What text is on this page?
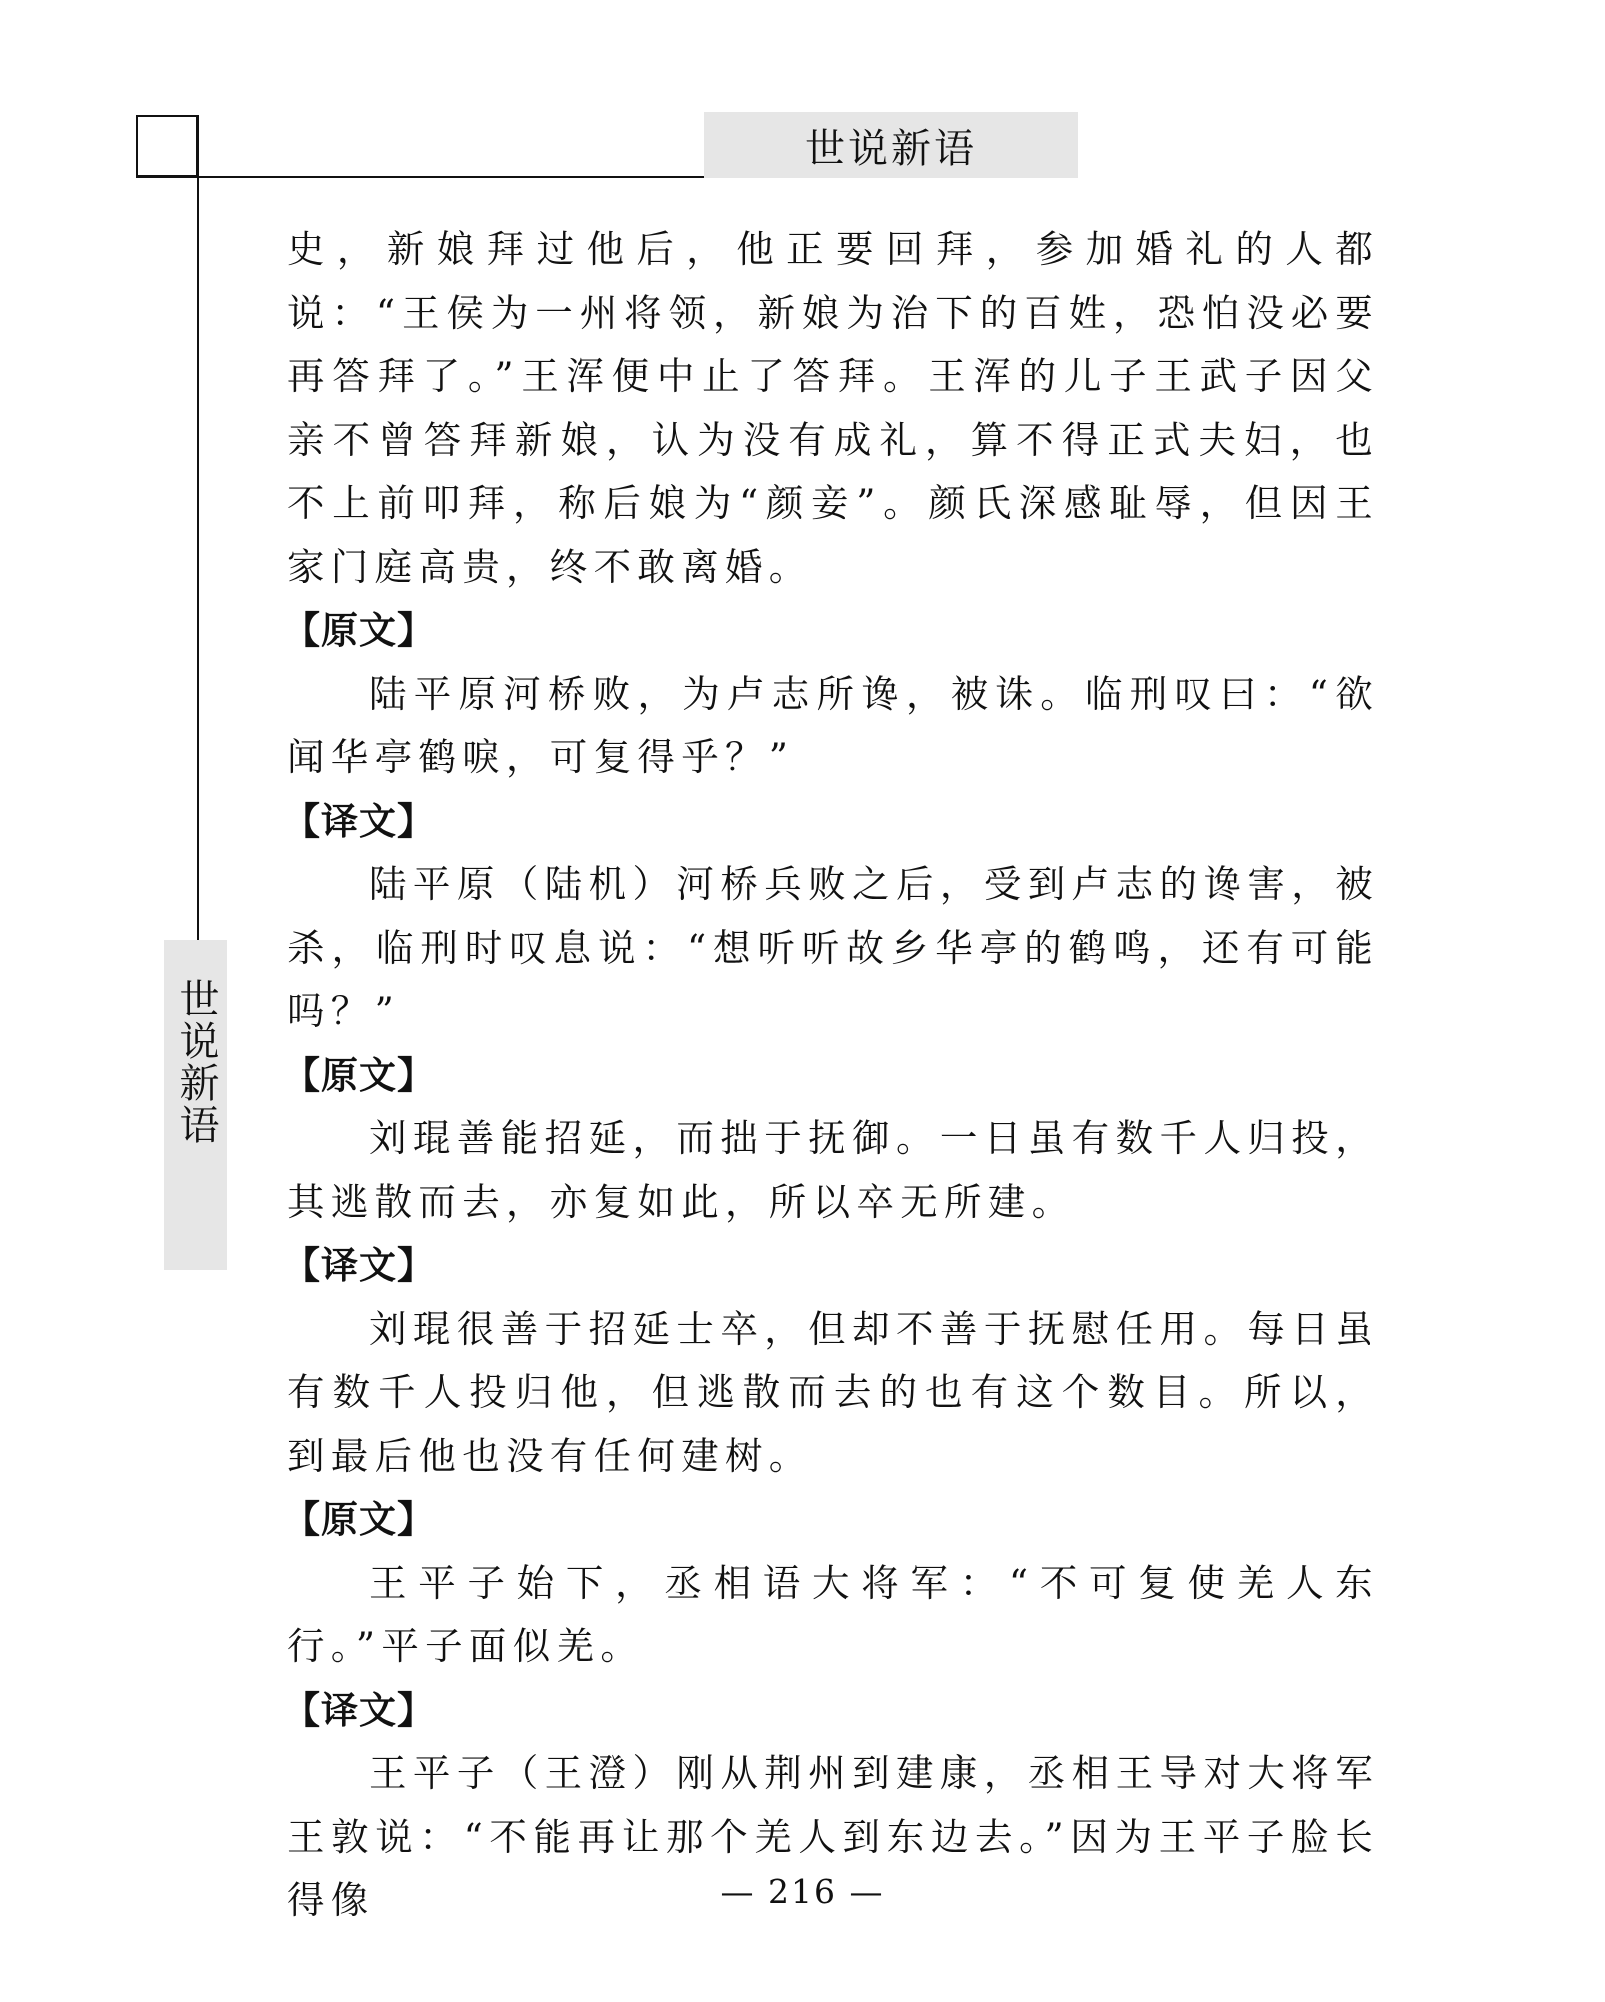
世说新语
世说新语

史，新娘拜过他后，他正要回拜，参加婚礼的人都说：“王侯为一州将领，新娘为治下的百姓，恐怕没必要再答拜了。”王浑便中止了答拜。王浑的儿子王武子因父亲不曾答拜新娘，认为没有成礼，算不得正式夫妇，也不上前叩拜，称后娘为“颜妾”。颜氏深感耻辱，但因王家门庭高贵，终不敢离婚。

【原文】

陆平原河桥败，为卢志所谗，被诛。临刑叹曰：“欲闻华亭鹤唳，可复得乎？”

【译文】

陆平原（陆机）河桥兵败之后，受到卢志的谗害，被杀，临刑时叹息说：“想听听故乡华亭的鹤鸣，还有可能吗？”

【原文】

刘琨善能招延，而拙于抚御。一日虽有数千人归投，其逃散而去，亦复如此，所以卒无所建。

【译文】

刘琨很善于招延士卒，但却不善于抚慰任用。每日虽有数千人投归他，但逃散而去的也有这个数目。所以，到最后他也没有任何建树。

【原文】

王平子始下，丞相语大将军：“不可复使羌人东行。”平子面似羌。

【译文】

王平子（王澄）刚从荆州到建康，丞相王导对大将军王敦说：“不能再让那个羌人到东边去。”因为王平子脸长得像	— 216 —
